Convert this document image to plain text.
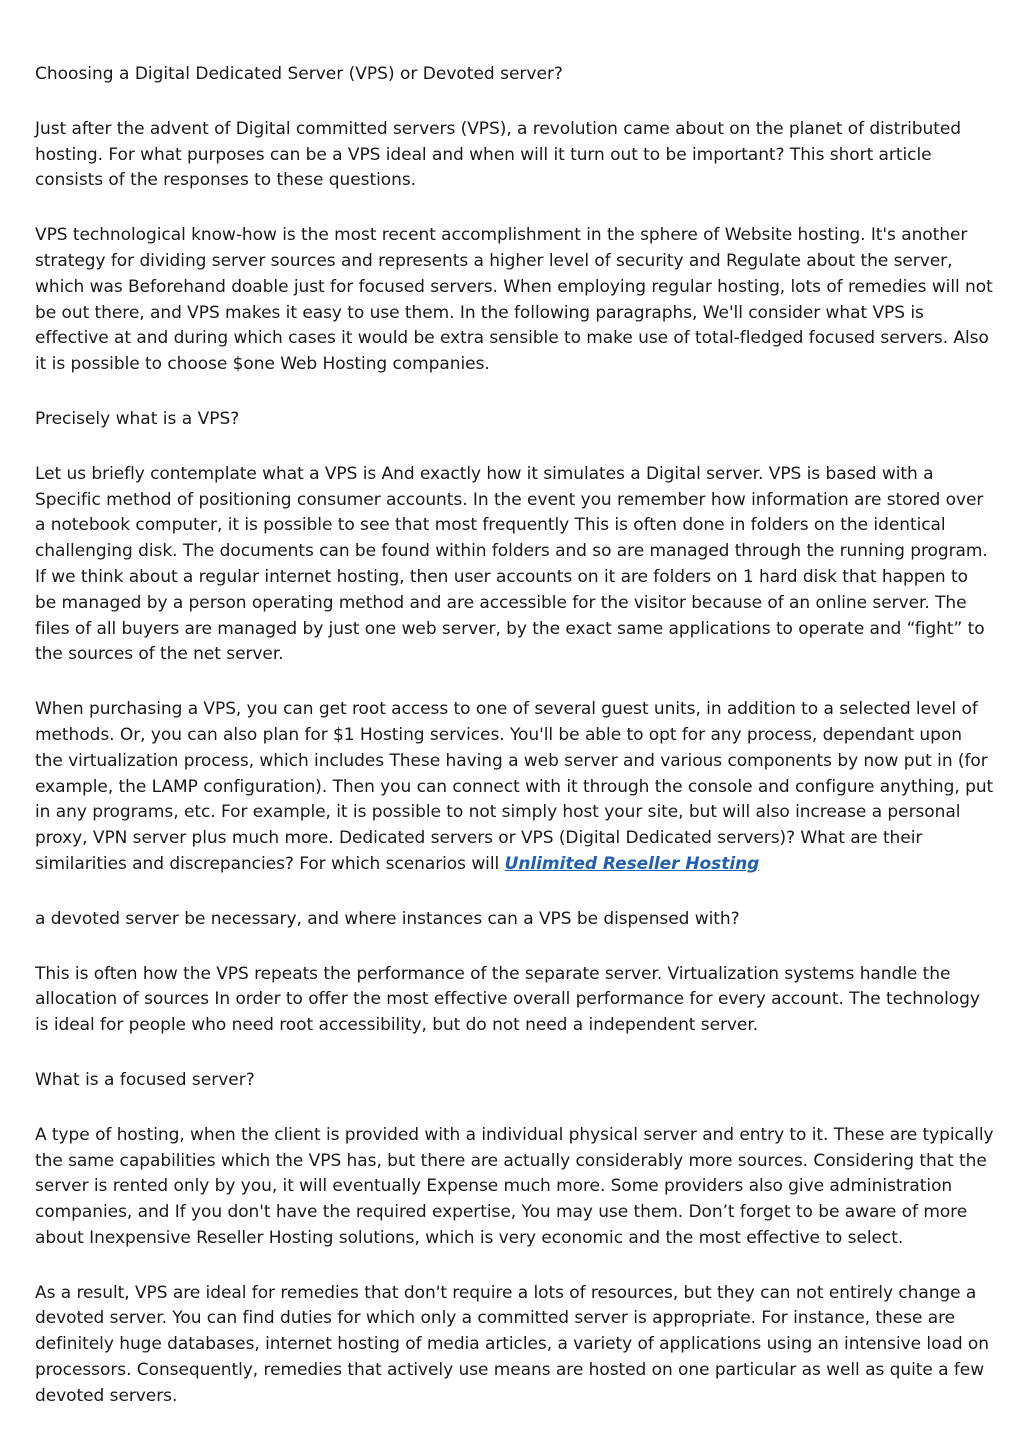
Choosing a Digital Dedicated Server (VPS) or Devoted server?

Just after the advent of Digital committed servers (VPS), a revolution came about on the planet of distributed hosting. For what purposes can be a VPS ideal and when will it turn out to be important? This short article consists of the responses to these questions.

VPS technological know-how is the most recent accomplishment in the sphere of Website hosting. It's another strategy for dividing server sources and represents a higher level of security and Regulate about the server, which was Beforehand doable just for focused servers. When employing regular hosting, lots of remedies will not be out there, and VPS makes it easy to use them. In the following paragraphs, We'll consider what VPS is effective at and during which cases it would be extra sensible to make use of total-fledged focused servers. Also it is possible to choose $one Web Hosting companies.

Precisely what is a VPS?

Let us briefly contemplate what a VPS is And exactly how it simulates a Digital server. VPS is based with a Specific method of positioning consumer accounts. In the event you remember how information are stored over a notebook computer, it is possible to see that most frequently This is often done in folders on the identical challenging disk. The documents can be found within folders and so are managed through the running program. If we think about a regular internet hosting, then user accounts on it are folders on 1 hard disk that happen to be managed by a person operating method and are accessible for the visitor because of an online server. The files of all buyers are managed by just one web server, by the exact same applications to operate and “fight” to the sources of the net server.

When purchasing a VPS, you can get root access to one of several guest units, in addition to a selected level of methods. Or, you can also plan for $1 Hosting services. You'll be able to opt for any process, dependant upon the virtualization process, which includes These having a web server and various components by now put in (for example, the LAMP configuration). Then you can connect with it through the console and configure anything, put in any programs, etc. For example, it is possible to not simply host your site, but will also increase a personal proxy, VPN server plus much more. Dedicated servers or VPS (Digital Dedicated servers)? What are their similarities and discrepancies? For which scenarios will Unlimited Reseller Hosting

a devoted server be necessary, and where instances can a VPS be dispensed with?

This is often how the VPS repeats the performance of the separate server. Virtualization systems handle the allocation of sources In order to offer the most effective overall performance for every account. The technology is ideal for people who need root accessibility, but do not need a independent server.

What is a focused server?

A type of hosting, when the client is provided with a individual physical server and entry to it. These are typically the same capabilities which the VPS has, but there are actually considerably more sources. Considering that the server is rented only by you, it will eventually Expense much more. Some providers also give administration companies, and If you don't have the required expertise, You may use them. Don’t forget to be aware of more about Inexpensive Reseller Hosting solutions, which is very economic and the most effective to select.

As a result, VPS are ideal for remedies that don't require a lots of resources, but they can not entirely change a devoted server. You can find duties for which only a committed server is appropriate. For instance, these are definitely huge databases, internet hosting of media articles, a variety of applications using an intensive load on processors. Consequently, remedies that actively use means are hosted on one particular as well as quite a few devoted servers.
